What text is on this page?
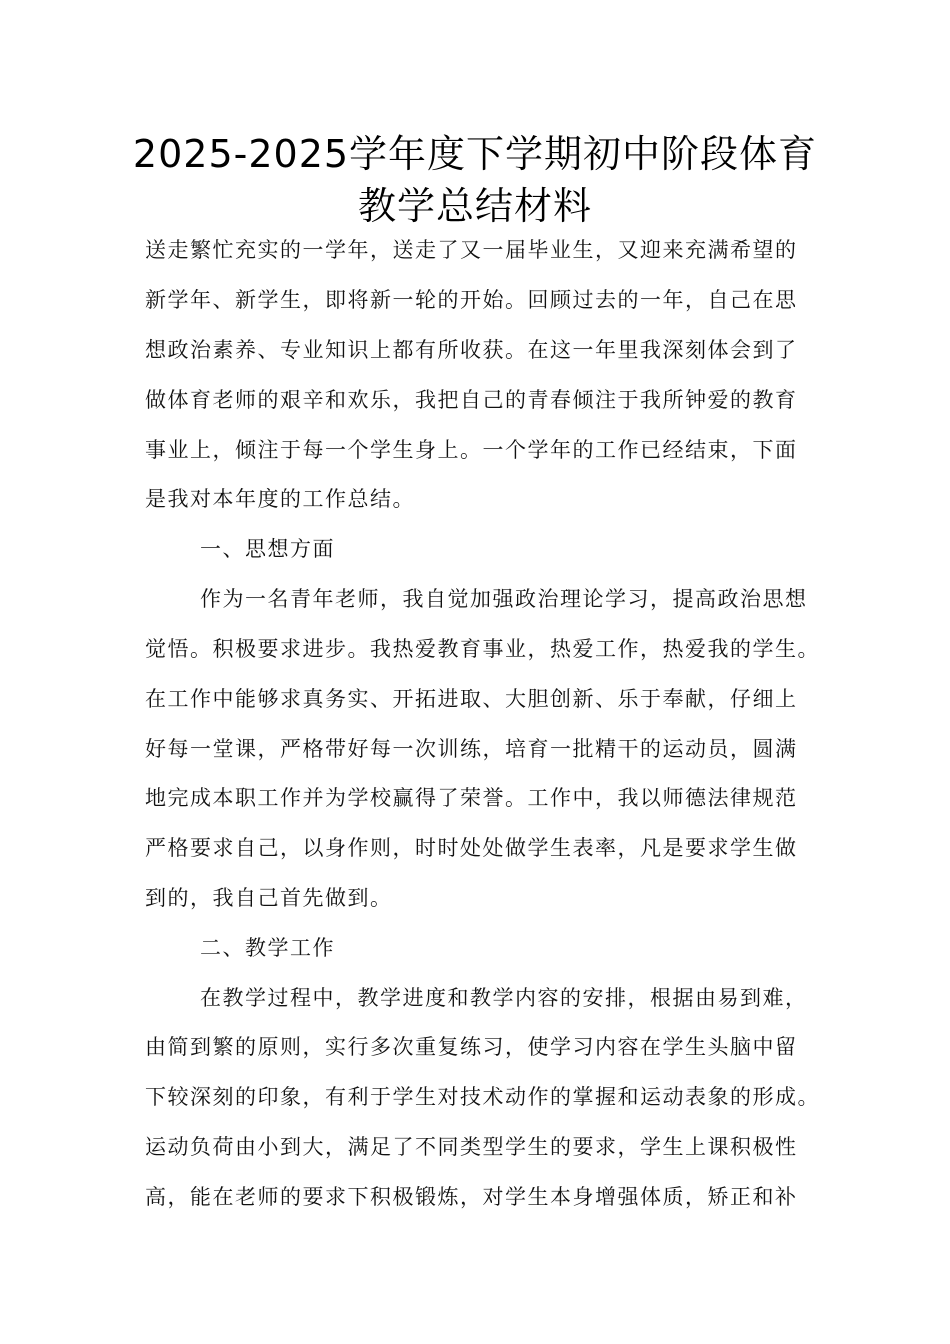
2025-2025学年度下学期初中阶段体育
教学总结材料
送走繁忙充实的一学年，送走了又一届毕业生，又迎来充满希望的
新学年、新学生，即将新一轮的开始。回顾过去的一年，自己在思
想政治素养、专业知识上都有所收获。在这一年里我深刻体会到了
做体育老师的艰辛和欢乐，我把自己的青春倾注于我所钟爱的教育
事业上，倾注于每一个学生身上。一个学年的工作已经结束，下面
是我对本年度的工作总结。
一、思想方面
作为一名青年老师，我自觉加强政治理论学习，提高政治思想
觉悟。积极要求进步。我热爱教育事业，热爱工作，热爱我的学生。
在工作中能够求真务实、开拓进取、大胆创新、乐于奉献，仔细上
好每一堂课，严格带好每一次训练，培育一批精干的运动员，圆满
地完成本职工作并为学校赢得了荣誉。工作中，我以师德法律规范
严格要求自己，以身作则，时时处处做学生表率，凡是要求学生做
到的，我自己首先做到。
二、教学工作
在教学过程中，教学进度和教学内容的安排，根据由易到难，
由简到繁的原则，实行多次重复练习，使学习内容在学生头脑中留
下较深刻的印象，有利于学生对技术动作的掌握和运动表象的形成。
运动负荷由小到大，满足了不同类型学生的要求，学生上课积极性
高，能在老师的要求下积极锻炼，对学生本身增强体质，矫正和补
